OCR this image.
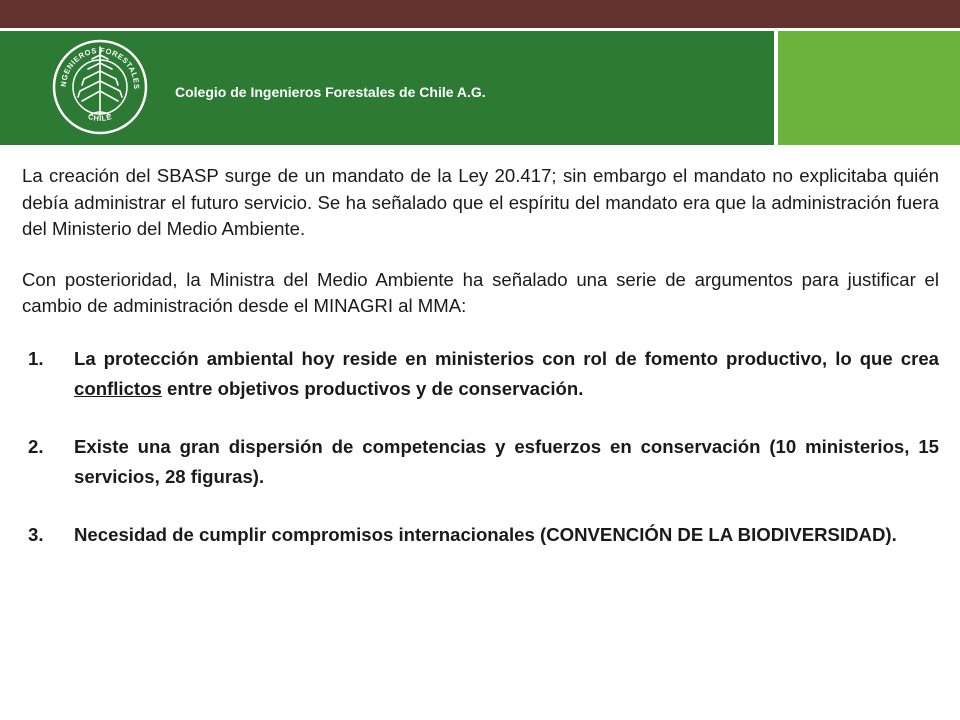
NGENIEROS FORESTALES
CHILE
Colegio de Ingenieros Forestales de Chile A.G.

La creación del SBASP surge de un mandato de la Ley 20.417; sin embargo el mandato no explicitaba quién debía administrar el futuro servicio. Se ha señalado que el espíritu del mandato era que la administración fuera del Ministerio del Medio Ambiente.

Con posterioridad, la Ministra del Medio Ambiente ha señalado una serie de argumentos para justificar el cambio de administración desde el MINAGRI al MMA:

1. La protección ambiental hoy reside en ministerios con rol de fomento productivo, lo que crea conflictos entre objetivos productivos y de conservación.
2. Existe una gran dispersión de competencias y esfuerzos en conservación (10 ministerios, 15 servicios, 28 figuras).
3. Necesidad de cumplir compromisos internacionales (CONVENCIÓN DE LA BIODIVERSIDAD).
